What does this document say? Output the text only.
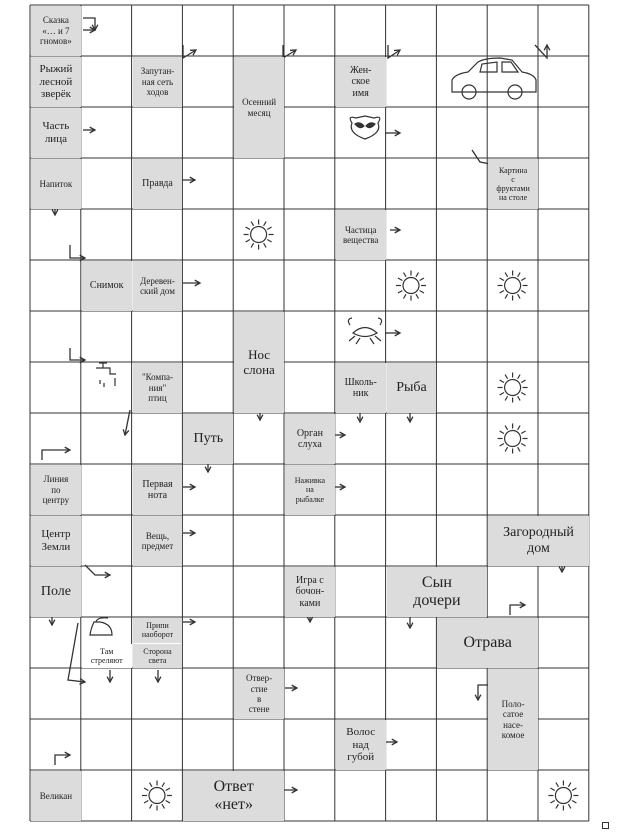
Сказка
«… и 7
гномов»
Рыжий
лесной
зверёк
Запутан-
ная сеть
ходов
Осенний
месяц
Жен-
ское
имя
Часть
лица
Напиток	Правда
Картина
с
фруктами
на столе
Частица
вещества
Снимок Деревен-
ский дом
Нос
слона
"Компа-
ния"
птиц
Школь-
ник	Рыба
Путь	Орган
слуха
Линия
по
центру
Первая
нота
Наживка
на
рыбалке
Центр
Земли
Вещь,
предмет
Загородный
дом
Поле
Игра с
бочон-
ками
Сын
дочери
Припи
наоборот
Сторона
света
Там
стреляют
Отрава
Отвер-
стие
в
стене
Поло-
сатое
насе-
комое
Волос
над
губой
Великан
Ответ
«нет»
